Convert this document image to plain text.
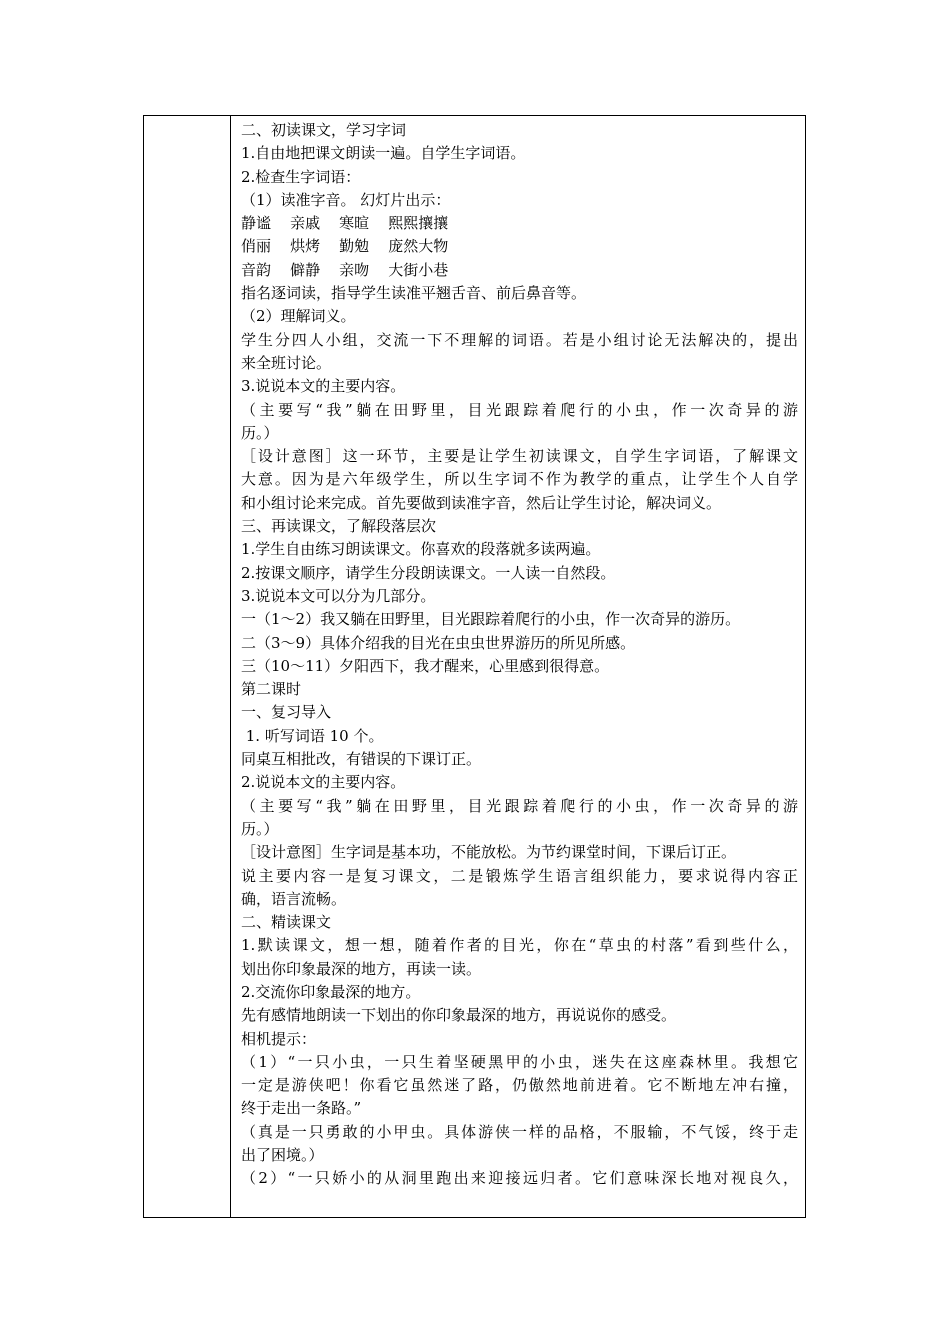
二、初读课文，学习字词
1.自由地把课文朗读一遍。自学生字词语。
2.检查生字词语：
（1）读准字音。 幻灯片出示：
静谧    亲戚    寒暄    熙熙攘攘
俏丽    烘烤    勤勉    庞然大物
音韵    僻静    亲吻    大街小巷
指名逐词读，指导学生读准平翘舌音、前后鼻音等。
（2）理解词义。
学生分四人小组，交流一下不理解的词语。若是小组讨论无法解决的，提出
来全班讨论。
3.说说本文的主要内容。
（主要写“我”躺在田野里，目光跟踪着爬行的小虫，作一次奇异的游
历。）
［设计意图］这一环节，主要是让学生初读课文，自学生字词语，了解课文
大意。因为是六年级学生，所以生字词不作为教学的重点，让学生个人自学
和小组讨论来完成。首先要做到读准字音，然后让学生讨论，解决词义。
三、再读课文，了解段落层次
1.学生自由练习朗读课文。你喜欢的段落就多读两遍。
2.按课文顺序，请学生分段朗读课文。一人读一自然段。
3.说说本文可以分为几部分。
一（1～2）我又躺在田野里，目光跟踪着爬行的小虫，作一次奇异的游历。
二（3～9）具体介绍我的目光在虫虫世界游历的所见所感。
三（10～11）夕阳西下，我才醒来，心里感到很得意。
第二课时
一、复习导入
1. 听写词语 10 个。
同桌互相批改，有错误的下课订正。
2.说说本文的主要内容。
（主要写“我”躺在田野里，目光跟踪着爬行的小虫，作一次奇异的游
历。）
［设计意图］生字词是基本功，不能放松。为节约课堂时间，下课后订正。
说主要内容一是复习课文，二是锻炼学生语言组织能力，要求说得内容正
确，语言流畅。
二、精读课文
1.默读课文，想一想，随着作者的目光，你在“草虫的村落”看到些什么，
划出你印象最深的地方，再读一读。
2.交流你印象最深的地方。
先有感情地朗读一下划出的你印象最深的地方，再说说你的感受。
相机提示：
（1）“一只小虫，一只生着坚硬黑甲的小虫，迷失在这座森林里。我想它
一定是游侠吧！你看它虽然迷了路，仍傲然地前进着。它不断地左冲右撞，
终于走出一条路。”
（真是一只勇敢的小甲虫。具体游侠一样的品格，不服输，不气馁，终于走
出了困境。）
（2）“一只娇小的从洞里跑出来迎接远归者。它们意味深长地对视良久，
